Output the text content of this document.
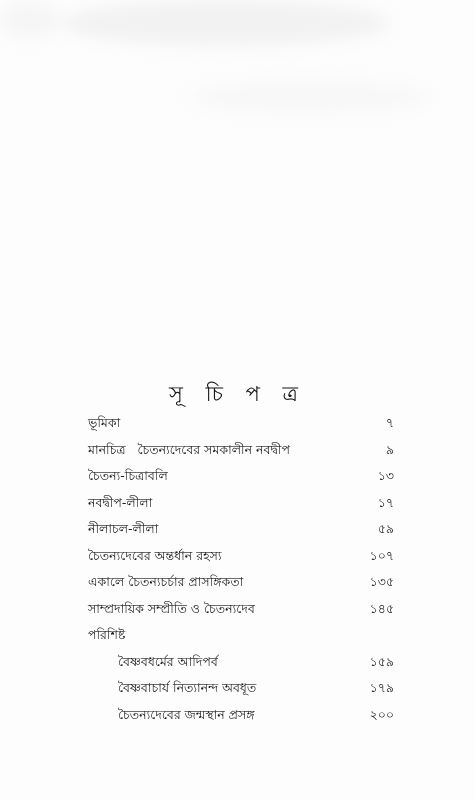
সূ চি প ত্র
ভূমিকা	৭
মানচিত্র   চৈতন্যদেবের সমকালীন নবদ্বীপ	৯
চৈতন্য-চিত্রাবলি	১৩
নবদ্বীপ-লীলা	১৭
নীলাচল-লীলা	৫৯
চৈতন্যদেবের অন্তর্ধান রহস্য	১০৭
একালে চৈতন্যচর্চার প্রাসঙ্গিকতা	১৩৫
সাম্প্রদায়িক সম্প্রীতি ও চৈতন্যদেব	১৪৫
পরিশিষ্ট
বৈষ্ণবধর্মের আদিপর্ব	১৫৯
বৈষ্ণবাচার্য নিত্যানন্দ অবধূত	১৭৯
চৈতন্যদেবের জন্মস্থান প্রসঙ্গ	২০০
